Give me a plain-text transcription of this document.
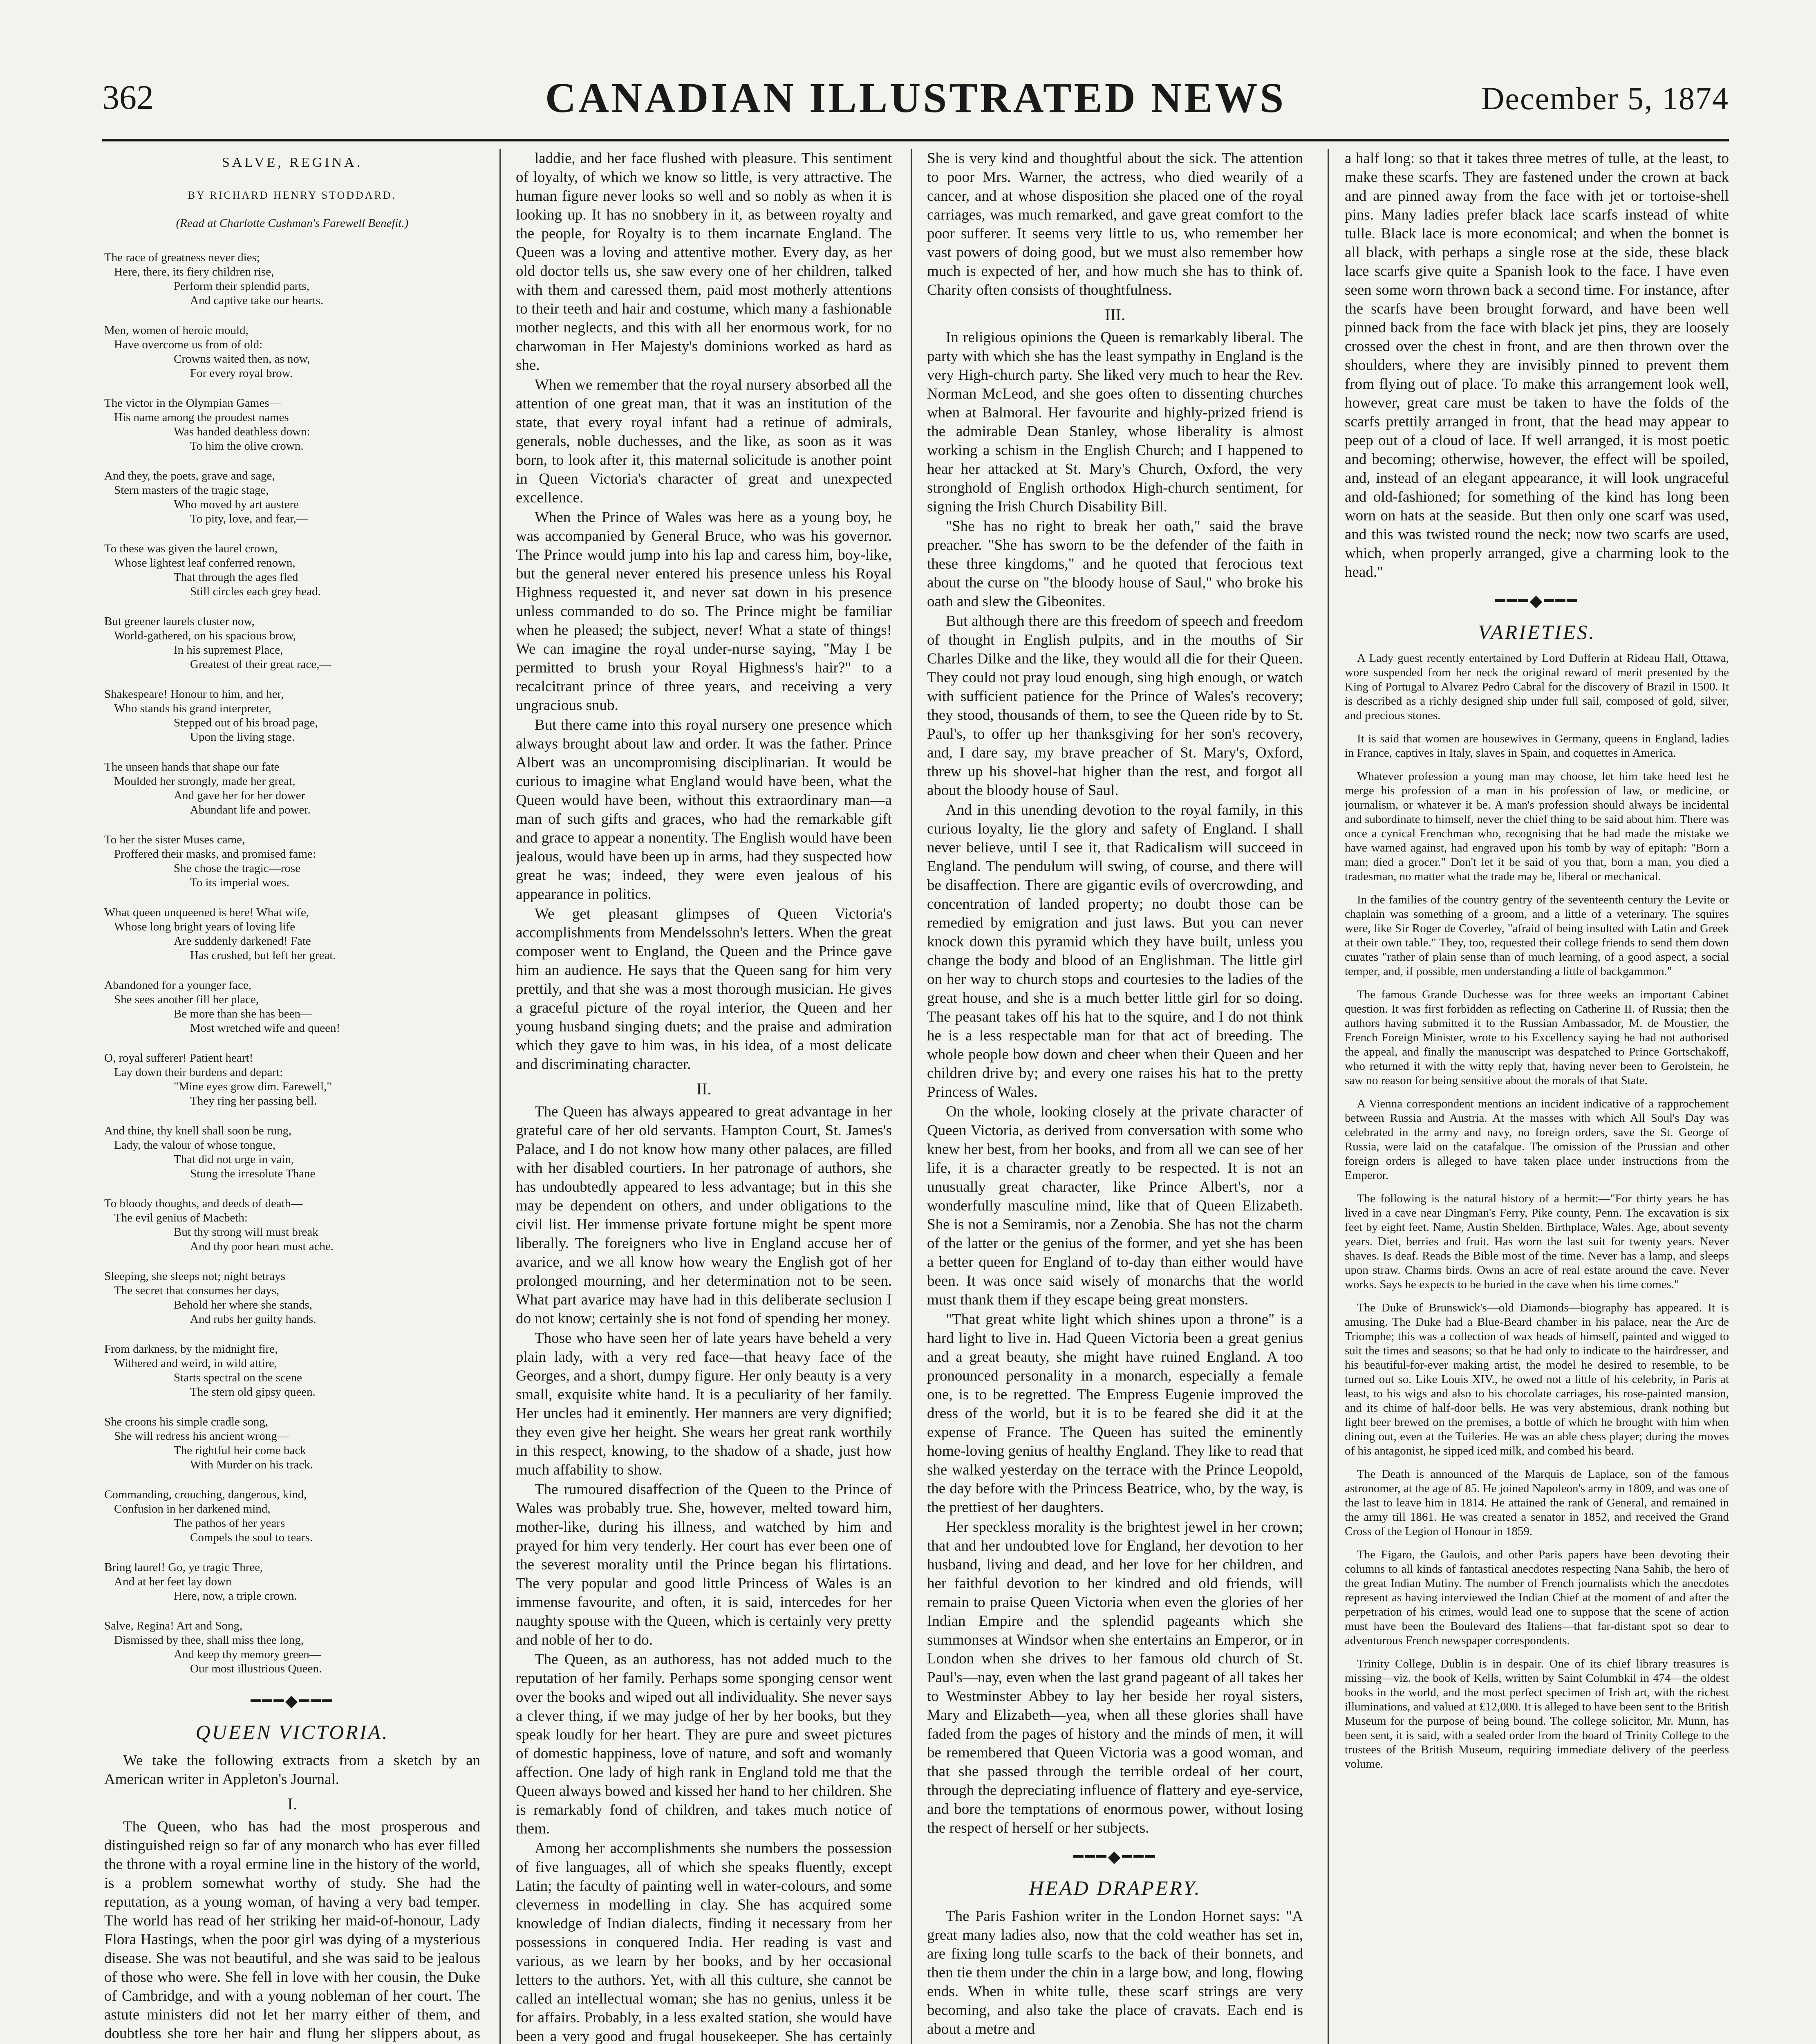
362	CANADIAN ILLUSTRATED NEWS	December 5, 1874
SALVE, REGINA.
BY RICHARD HENRY STODDARD.
(Read at Charlotte Cushman's Farewell Benefit.)
The race of greatness never dies;
Here, there, its fiery children rise,
Perform their splendid parts,
And captive take our hearts.
Men, women of heroic mould,
Have overcome us from of old:
Crowns waited then, as now,
For every royal brow.
The victor in the Olympian Games—
His name among the proudest names
Was handed deathless down:
To him the olive crown.
And they, the poets, grave and sage,
Stern masters of the tragic stage,
Who moved by art austere
To pity, love, and fear,—
To these was given the laurel crown,
Whose lightest leaf conferred renown,
That through the ages fled
Still circles each grey head.
But greener laurels cluster now,
World-gathered, on his spacious brow,
In his supremest Place,
Greatest of their great race,—
Shakespeare! Honour to him, and her,
Who stands his grand interpreter,
Stepped out of his broad page,
Upon the living stage.
The unseen hands that shape our fate
Moulded her strongly, made her great,
And gave her for her dower
Abundant life and power.
To her the sister Muses came,
Proffered their masks, and promised fame:
She chose the tragic—rose
To its imperial woes.
What queen unqueened is here! What wife,
Whose long bright years of loving life
Are suddenly darkened! Fate
Has crushed, but left her great.
Abandoned for a younger face,
She sees another fill her place,
Be more than she has been—
Most wretched wife and queen!
O, royal sufferer! Patient heart!
Lay down their burdens and depart:
"Mine eyes grow dim. Farewell,"
They ring her passing bell.
And thine, thy knell shall soon be rung,
Lady, the valour of whose tongue,
That did not urge in vain,
Stung the irresolute Thane
To bloody thoughts, and deeds of death—
The evil genius of Macbeth:
But thy strong will must break
And thy poor heart must ache.
Sleeping, she sleeps not; night betrays
The secret that consumes her days,
Behold her where she stands,
And rubs her guilty hands.
From darkness, by the midnight fire,
Withered and weird, in wild attire,
Starts spectral on the scene
The stern old gipsy queen.
She croons his simple cradle song,
She will redress his ancient wrong—
The rightful heir come back
With Murder on his track.
Commanding, crouching, dangerous, kind,
Confusion in her darkened mind,
The pathos of her years
Compels the soul to tears.
Bring laurel! Go, ye tragic Three,
And at her feet lay down
Here, now, a triple crown.
Salve, Regina! Art and Song,
Dismissed by thee, shall miss thee long,
And keep thy memory green—
Our most illustrious Queen.
━━━◆━━━
QUEEN VICTORIA.

We take the following extracts from a sketch by an American writer in Appleton's Journal.

I.

The Queen, who has had the most prosperous and distinguished reign so far of any monarch who has ever filled the throne with a royal ermine line in the history of the world, is a problem somewhat worthy of study. She had the reputation, as a young woman, of having a very bad temper. The world has read of her striking her maid-of-honour, Lady Flora Hastings, when the poor girl was dying of a mysterious disease. She was not beautiful, and she was said to be jealous of those who were. She fell in love with her cousin, the Duke of Cambridge, and with a young nobleman of her court. The astute ministers did not let her marry either of them, and doubtless she tore her hair and flung her slippers about, as

laddie, and her face flushed with pleasure. This sentiment of loyalty, of which we know so little, is very attractive. The human figure never looks so well and so nobly as when it is looking up. It has no snobbery in it, as between royalty and the people, for Royalty is to them incarnate England. The Queen was a loving and attentive mother. Every day, as her old doctor tells us, she saw every one of her children, talked with them and caressed them, paid most motherly attentions to their teeth and hair and costume, which many a fashionable mother neglects, and this with all her enormous work, for no charwoman in Her Majesty's dominions worked as hard as she.

When we remember that the royal nursery absorbed all the attention of one great man, that it was an institution of the state, that every royal infant had a retinue of admirals, generals, noble duchesses, and the like, as soon as it was born, to look after it, this maternal solicitude is another point in Queen Victoria's character of great and unexpected excellence.

When the Prince of Wales was here as a young boy, he was accompanied by General Bruce, who was his governor. The Prince would jump into his lap and caress him, boy-like, but the general never entered his presence unless his Royal Highness requested it, and never sat down in his presence unless commanded to do so. The Prince might be familiar when he pleased; the subject, never! What a state of things! We can imagine the royal under-nurse saying, "May I be permitted to brush your Royal Highness's hair?" to a recalcitrant prince of three years, and receiving a very ungracious snub.

But there came into this royal nursery one presence which always brought about law and order. It was the father. Prince Albert was an uncompromising disciplinarian. It would be curious to imagine what England would have been, what the Queen would have been, without this extraordinary man—a man of such gifts and graces, who had the remarkable gift and grace to appear a nonentity. The English would have been jealous, would have been up in arms, had they suspected how great he was; indeed, they were even jealous of his appearance in politics.

We get pleasant glimpses of Queen Victoria's accomplishments from Mendelssohn's letters. When the great composer went to England, the Queen and the Prince gave him an audience. He says that the Queen sang for him very prettily, and that she was a most thorough musician. He gives a graceful picture of the royal interior, the Queen and her young husband singing duets; and the praise and admiration which they gave to him was, in his idea, of a most delicate and discriminating character.

II.

The Queen has always appeared to great advantage in her grateful care of her old servants. Hampton Court, St. James's Palace, and I do not know how many other palaces, are filled with her disabled courtiers. In her patronage of authors, she has undoubtedly appeared to less advantage; but in this she may be dependent on others, and under obligations to the civil list. Her immense private fortune might be spent more liberally. The foreigners who live in England accuse her of avarice, and we all know how weary the English got of her prolonged mourning, and her determination not to be seen. What part avarice may have had in this deliberate seclusion I do not know; certainly she is not fond of spending her money.

Those who have seen her of late years have beheld a very plain lady, with a very red face—that heavy face of the Georges, and a short, dumpy figure. Her only beauty is a very small, exquisite white hand. It is a peculiarity of her family. Her uncles had it eminently. Her manners are very dignified; they even give her height. She wears her great rank worthily in this respect, knowing, to the shadow of a shade, just how much affability to show.

The rumoured disaffection of the Queen to the Prince of Wales was probably true. She, however, melted toward him, mother-like, during his illness, and watched by him and prayed for him very tenderly. Her court has ever been one of the severest morality until the Prince began his flirtations. The very popular and good little Princess of Wales is an immense favourite, and often, it is said, intercedes for her naughty spouse with the Queen, which is certainly very pretty and noble of her to do.

The Queen, as an authoress, has not added much to the reputation of her family. Perhaps some sponging censor went over the books and wiped out all individuality. She never says a clever thing, if we may judge of her by her books, but they speak loudly for her heart. They are pure and sweet pictures of domestic happiness, love of nature, and soft and womanly affection. One lady of high rank in England told me that the Queen always bowed and kissed her hand to her children. She is remarkably fond of children, and takes much notice of them.

Among her accomplishments she numbers the possession of five languages, all of which she speaks fluently, except Latin; the faculty of painting well in water-colours, and some cleverness in modelling in clay. She has acquired some knowledge of Indian dialects, finding it necessary from her possessions in conquered India. Her reading is vast and various, as we learn by her books, and by her occasional letters to the authors. Yet, with all this culture, she cannot be called an intellectual woman; she has no genius, unless it be for affairs. Probably, in a less exalted station, she would have been a very good and frugal housekeeper. She has certainly

She is very kind and thoughtful about the sick. The attention to poor Mrs. Warner, the actress, who died wearily of a cancer, and at whose disposition she placed one of the royal carriages, was much remarked, and gave great comfort to the poor sufferer. It seems very little to us, who remember her vast powers of doing good, but we must also remember how much is expected of her, and how much she has to think of. Charity often consists of thoughtfulness.

III.

In religious opinions the Queen is remarkably liberal. The party with which she has the least sympathy in England is the very High-church party. She liked very much to hear the Rev. Norman McLeod, and she goes often to dissenting churches when at Balmoral. Her favourite and highly-prized friend is the admirable Dean Stanley, whose liberality is almost working a schism in the English Church; and I happened to hear her attacked at St. Mary's Church, Oxford, the very stronghold of English orthodox High-church sentiment, for signing the Irish Church Disability Bill.

"She has no right to break her oath," said the brave preacher. "She has sworn to be the defender of the faith in these three kingdoms," and he quoted that ferocious text about the curse on "the bloody house of Saul," who broke his oath and slew the Gibeonites.

But although there are this freedom of speech and freedom of thought in English pulpits, and in the mouths of Sir Charles Dilke and the like, they would all die for their Queen. They could not pray loud enough, sing high enough, or watch with sufficient patience for the Prince of Wales's recovery; they stood, thousands of them, to see the Queen ride by to St. Paul's, to offer up her thanksgiving for her son's recovery, and, I dare say, my brave preacher of St. Mary's, Oxford, threw up his shovel-hat higher than the rest, and forgot all about the bloody house of Saul.

And in this unending devotion to the royal family, in this curious loyalty, lie the glory and safety of England. I shall never believe, until I see it, that Radicalism will succeed in England. The pendulum will swing, of course, and there will be disaffection. There are gigantic evils of overcrowding, and concentration of landed property; no doubt those can be remedied by emigration and just laws. But you can never knock down this pyramid which they have built, unless you change the body and blood of an Englishman. The little girl on her way to church stops and courtesies to the ladies of the great house, and she is a much better little girl for so doing. The peasant takes off his hat to the squire, and I do not think he is a less respectable man for that act of breeding. The whole people bow down and cheer when their Queen and her children drive by; and every one raises his hat to the pretty Princess of Wales.

On the whole, looking closely at the private character of Queen Victoria, as derived from conversation with some who knew her best, from her books, and from all we can see of her life, it is a character greatly to be respected. It is not an unusually great character, like Prince Albert's, nor a wonderfully masculine mind, like that of Queen Elizabeth. She is not a Semiramis, nor a Zenobia. She has not the charm of the latter or the genius of the former, and yet she has been a better queen for England of to-day than either would have been. It was once said wisely of monarchs that the world must thank them if they escape being great monsters.

"That great white light which shines upon a throne" is a hard light to live in. Had Queen Victoria been a great genius and a great beauty, she might have ruined England. A too pronounced personality in a monarch, especially a female one, is to be regretted. The Empress Eugenie improved the dress of the world, but it is to be feared she did it at the expense of France. The Queen has suited the eminently home-loving genius of healthy England. They like to read that she walked yesterday on the terrace with the Prince Leopold, the day before with the Princess Beatrice, who, by the way, is the prettiest of her daughters.

Her speckless morality is the brightest jewel in her crown; that and her undoubted love for England, her devotion to her husband, living and dead, and her love for her children, and her faithful devotion to her kindred and old friends, will remain to praise Queen Victoria when even the glories of her Indian Empire and the splendid pageants which she summonses at Windsor when she entertains an Emperor, or in London when she drives to her famous old church of St. Paul's—nay, even when the last grand pageant of all takes her to Westminster Abbey to lay her beside her royal sisters, Mary and Elizabeth—yea, when all these glories shall have faded from the pages of history and the minds of men, it will be remembered that Queen Victoria was a good woman, and that she passed through the terrible ordeal of her court, through the depreciating influence of flattery and eye-service, and bore the temptations of enormous power, without losing the respect of herself or her subjects.

━━━◆━━━
HEAD DRAPERY.

The Paris Fashion writer in the London Hornet says: "A great many ladies also, now that the cold weather has set in, are fixing long tulle scarfs to the back of their bonnets, and then tie them under the chin in a large bow, and long, flowing ends. When in white tulle, these scarf strings are very becoming, and also take the place of cravats. Each end is about a metre and

a half long: so that it takes three metres of tulle, at the least, to make these scarfs. They are fastened under the crown at back and are pinned away from the face with jet or tortoise-shell pins. Many ladies prefer black lace scarfs instead of white tulle. Black lace is more economical; and when the bonnet is all black, with perhaps a single rose at the side, these black lace scarfs give quite a Spanish look to the face. I have even seen some worn thrown back a second time. For instance, after the scarfs have been brought forward, and have been well pinned back from the face with black jet pins, they are loosely crossed over the chest in front, and are then thrown over the shoulders, where they are invisibly pinned to prevent them from flying out of place. To make this arrangement look well, however, great care must be taken to have the folds of the scarfs prettily arranged in front, that the head may appear to peep out of a cloud of lace. If well arranged, it is most poetic and becoming; otherwise, however, the effect will be spoiled, and, instead of an elegant appearance, it will look ungraceful and old-fashioned; for something of the kind has long been worn on hats at the seaside. But then only one scarf was used, and this was twisted round the neck; now two scarfs are used, which, when properly arranged, give a charming look to the head."

━━━◆━━━
VARIETIES.

A Lady guest recently entertained by Lord Dufferin at Rideau Hall, Ottawa, wore suspended from her neck the original reward of merit presented by the King of Portugal to Alvarez Pedro Cabral for the discovery of Brazil in 1500. It is described as a richly designed ship under full sail, composed of gold, silver, and precious stones.

It is said that women are housewives in Germany, queens in England, ladies in France, captives in Italy, slaves in Spain, and coquettes in America.

Whatever profession a young man may choose, let him take heed lest he merge his profession of a man in his profession of law, or medicine, or journalism, or whatever it be. A man's profession should always be incidental and subordinate to himself, never the chief thing to be said about him. There was once a cynical Frenchman who, recognising that he had made the mistake we have warned against, had engraved upon his tomb by way of epitaph: "Born a man; died a grocer." Don't let it be said of you that, born a man, you died a tradesman, no matter what the trade may be, liberal or mechanical.

In the families of the country gentry of the seventeenth century the Levite or chaplain was something of a groom, and a little of a veterinary. The squires were, like Sir Roger de Coverley, "afraid of being insulted with Latin and Greek at their own table." They, too, requested their college friends to send them down curates "rather of plain sense than of much learning, of a good aspect, a social temper, and, if possible, men understanding a little of backgammon."

The famous Grande Duchesse was for three weeks an important Cabinet question. It was first forbidden as reflecting on Catherine II. of Russia; then the authors having submitted it to the Russian Ambassador, M. de Moustier, the French Foreign Minister, wrote to his Excellency saying he had not authorised the appeal, and finally the manuscript was despatched to Prince Gortschakoff, who returned it with the witty reply that, having never been to Gerolstein, he saw no reason for being sensitive about the morals of that State.

A Vienna correspondent mentions an incident indicative of a rapprochement between Russia and Austria. At the masses with which All Soul's Day was celebrated in the army and navy, no foreign orders, save the St. George of Russia, were laid on the catafalque. The omission of the Prussian and other foreign orders is alleged to have taken place under instructions from the Emperor.

The following is the natural history of a hermit:—"For thirty years he has lived in a cave near Dingman's Ferry, Pike county, Penn. The excavation is six feet by eight feet. Name, Austin Shelden. Birthplace, Wales. Age, about seventy years. Diet, berries and fruit. Has worn the last suit for twenty years. Never shaves. Is deaf. Reads the Bible most of the time. Never has a lamp, and sleeps upon straw. Charms birds. Owns an acre of real estate around the cave. Never works. Says he expects to be buried in the cave when his time comes."

The Duke of Brunswick's—old Diamonds—biography has appeared. It is amusing. The Duke had a Blue-Beard chamber in his palace, near the Arc de Triomphe; this was a collection of wax heads of himself, painted and wigged to suit the times and seasons; so that he had only to indicate to the hairdresser, and his beautiful-for-ever making artist, the model he desired to resemble, to be turned out so. Like Louis XIV., he owed not a little of his celebrity, in Paris at least, to his wigs and also to his chocolate carriages, his rose-painted mansion, and its chime of half-door bells. He was very abstemious, drank nothing but light beer brewed on the premises, a bottle of which he brought with him when dining out, even at the Tuileries. He was an able chess player; during the moves of his antagonist, he sipped iced milk, and combed his beard.

The Death is announced of the Marquis de Laplace, son of the famous astronomer, at the age of 85. He joined Napoleon's army in 1809, and was one of the last to leave him in 1814. He attained the rank of General, and remained in the army till 1861. He was created a senator in 1852, and received the Grand Cross of the Legion of Honour in 1859.

The Figaro, the Gaulois, and other Paris papers have been devoting their columns to all kinds of fantastical anecdotes respecting Nana Sahib, the hero of the great Indian Mutiny. The number of French journalists which the anecdotes represent as having interviewed the Indian Chief at the moment of and after the perpetration of his crimes, would lead one to suppose that the scene of action must have been the Boulevard des Italiens—that far-distant spot so dear to adventurous French newspaper correspondents.

Trinity College, Dublin is in despair. One of its chief library treasures is missing—viz. the book of Kells, written by Saint Columbkil in 474—the oldest books in the world, and the most perfect specimen of Irish art, with the richest illuminations, and valued at £12,000. It is alleged to have been sent to the British Museum for the purpose of being bound. The college solicitor, Mr. Munn, has been sent, it is said, with a sealed order from the board of Trinity College to the trustees of the British Museum, requiring immediate delivery of the peerless volume.
